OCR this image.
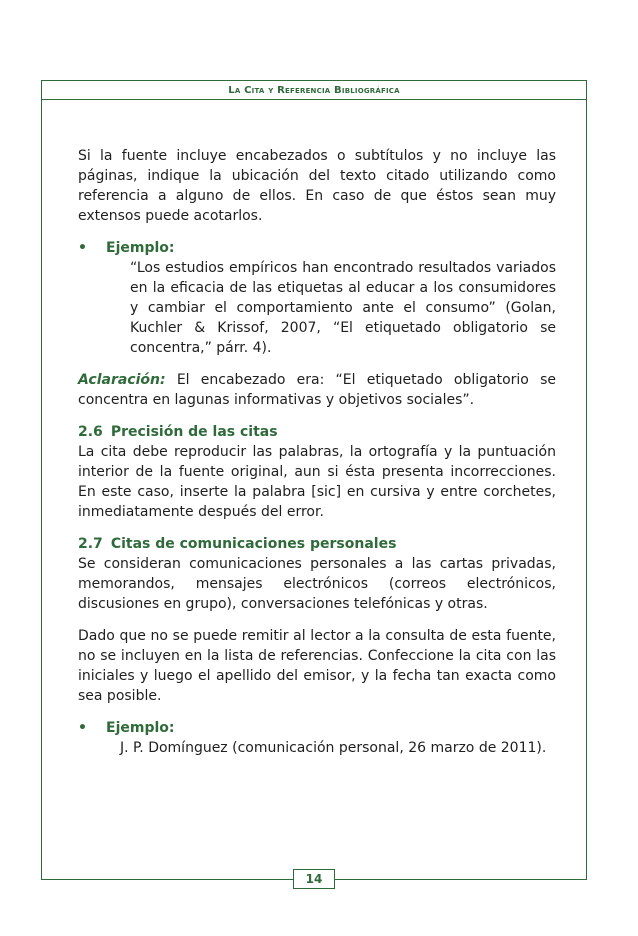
La Cita y Referencia Bibliográfica

Si la fuente incluye encabezados o subtítulos y no incluye las páginas, indique la ubicación del texto citado utilizando como referencia a alguno de ellos. En caso de que éstos sean muy extensos puede acotarlos.

•	Ejemplo:

“Los estudios empíricos han encontrado resultados variados en la eficacia de las etiquetas al educar a los consumidores y cambiar el comportamiento ante el consumo” (Golan, Kuchler & Krissof, 2007, “El etiquetado obligatorio se concentra,” párr. 4).

Aclaración: El encabezado era: “El etiquetado obligatorio se concentra en lagunas informativas y objetivos sociales”.

2.6 Precisión de las citas

La cita debe reproducir las palabras, la ortografía y la puntuación interior de la fuente original, aun si ésta presenta incorrecciones. En este caso, inserte la palabra [sic] en cursiva y entre corchetes, inmediatamente después del error.

2.7 Citas de comunicaciones personales

Se consideran comunicaciones personales a las cartas privadas, memorandos, mensajes electrónicos (correos electrónicos, discusiones en grupo), conversaciones telefónicas y otras.

Dado que no se puede remitir al lector a la consulta de esta fuente, no se incluyen en la lista de referencias. Confeccione la cita con las iniciales y luego el apellido del emisor, y la fecha tan exacta como sea posible.

•	Ejemplo:

J. P. Domínguez (comunicación personal, 26 marzo de 2011).

14
